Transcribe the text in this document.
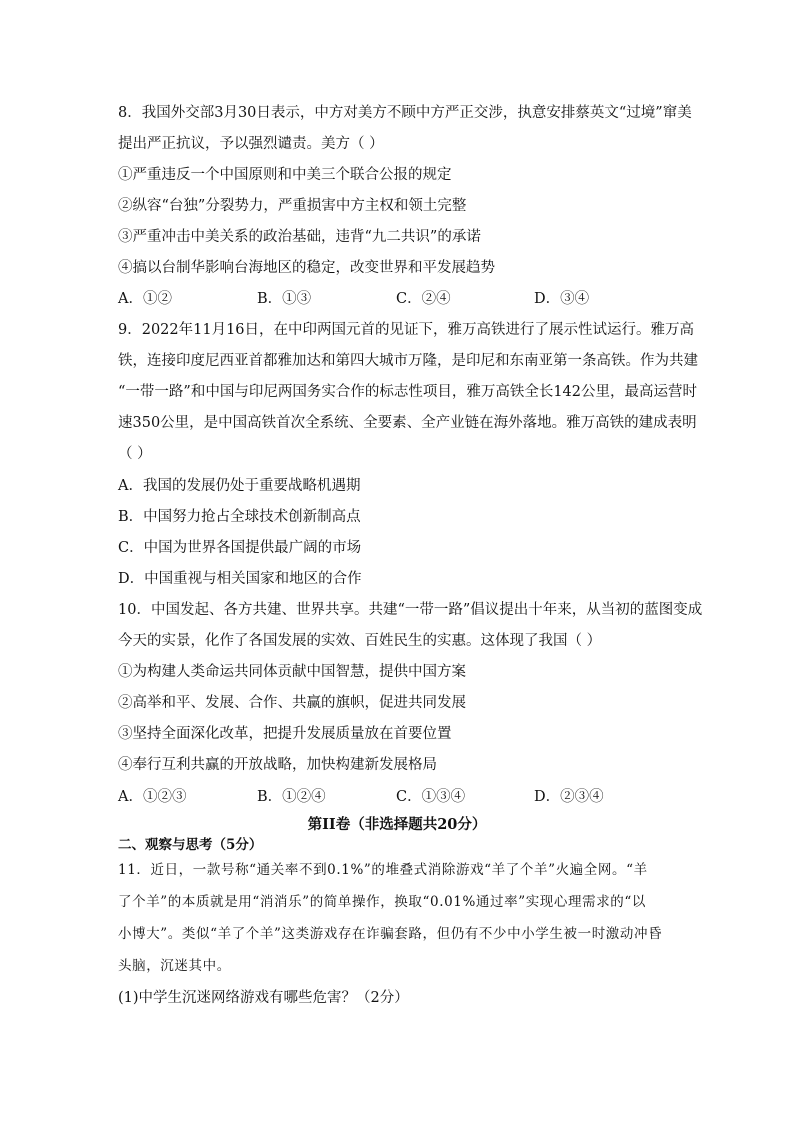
8．我国外交部3月30日表示，中方对美方不顾中方严正交涉，执意安排蔡英文“过境”窜美
提出严正抗议，予以强烈谴责。美方（ ）
①严重违反一个中国原则和中美三个联合公报的规定
②纵容“台独”分裂势力，严重损害中方主权和领土完整
③严重冲击中美关系的政治基础，违背“九二共识”的承诺
④搞以台制华影响台海地区的稳定，改变世界和平发展趋势
A．①②	B．①③	C．②④	D．③④
9．2022年11月16日，在中印两国元首的见证下，雅万高铁进行了展示性试运行。雅万高
铁，连接印度尼西亚首都雅加达和第四大城市万隆，是印尼和东南亚第一条高铁。作为共建
“一带一路”和中国与印尼两国务实合作的标志性项目，雅万高铁全长142公里，最高运营时
速350公里，是中国高铁首次全系统、全要素、全产业链在海外落地。雅万高铁的建成表明
（ ）
A．我国的发展仍处于重要战略机遇期
B．中国努力抢占全球技术创新制高点
C．中国为世界各国提供最广阔的市场
D．中国重视与相关国家和地区的合作
10．中国发起、各方共建、世界共享。共建“一带一路”倡议提出十年来，从当初的蓝图变成
今天的实景，化作了各国发展的实效、百姓民生的实惠。这体现了我国（ ）
①为构建人类命运共同体贡献中国智慧，提供中国方案
②高举和平、发展、合作、共赢的旗帜，促进共同发展
③坚持全面深化改革，把提升发展质量放在首要位置
④奉行互利共赢的开放战略，加快构建新发展格局
A．①②③	B．①②④	C．①③④	D．②③④
第II卷（非选择题共20分）
二、观察与思考（5分）
11．近日，一款号称“通关率不到0.1%”的堆叠式消除游戏“羊了个羊”火遍全网。“羊
了个羊”的本质就是用“消消乐”的简单操作，换取“0.01%通过率”实现心理需求的“以
小博大”。类似“羊了个羊”这类游戏存在诈骗套路，但仍有不少中小学生被一时激动冲昏
头脑，沉迷其中。
(1)中学生沉迷网络游戏有哪些危害？（2分）
